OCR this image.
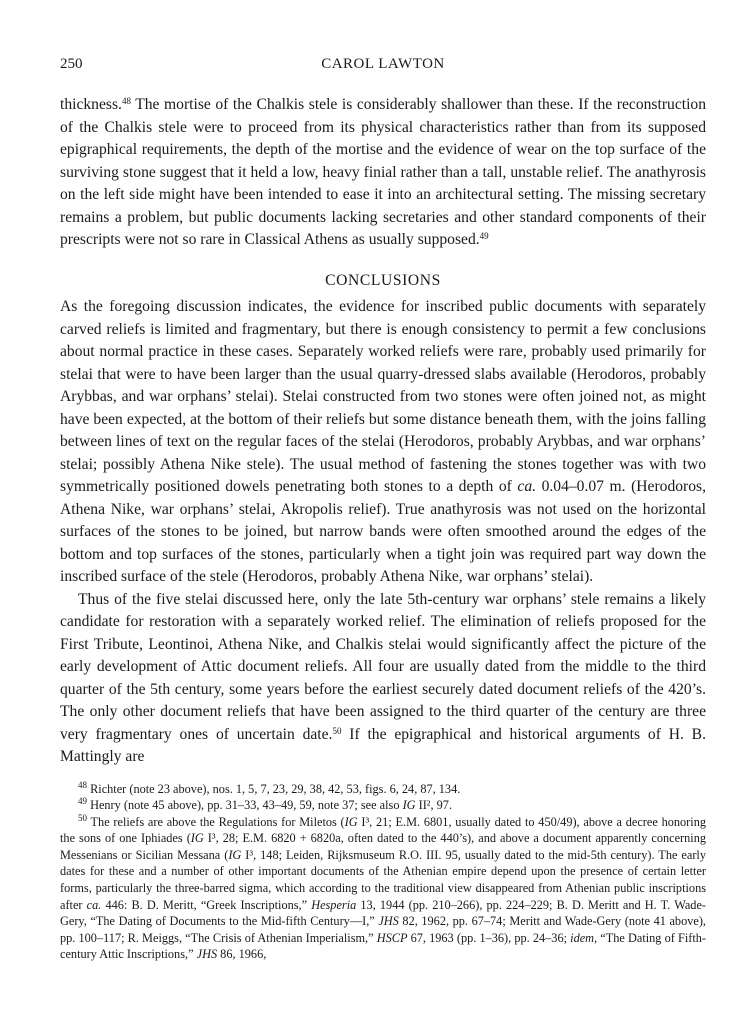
250	CAROL LAWTON

thickness.$^{48}$ The mortise of the Chalkis stele is considerably shallower than these. If the reconstruction of the Chalkis stele were to proceed from its physical characteristics rather than from its supposed epigraphical requirements, the depth of the mortise and the evidence of wear on the top surface of the surviving stone suggest that it held a low, heavy finial rather than a tall, unstable relief. The anathyrosis on the left side might have been intended to ease it into an architectural setting. The missing secretary remains a problem, but public documents lacking secretaries and other standard components of their prescripts were not so rare in Classical Athens as usually supposed.$^{49}$

CONCLUSIONS

As the foregoing discussion indicates, the evidence for inscribed public documents with separately carved reliefs is limited and fragmentary, but there is enough consistency to permit a few conclusions about normal practice in these cases. Separately worked reliefs were rare, probably used primarily for stelai that were to have been larger than the usual quarry-dressed slabs available (Herodoros, probably Arybbas, and war orphans’ stelai). Stelai constructed from two stones were often joined not, as might have been expected, at the bottom of their reliefs but some distance beneath them, with the joins falling between lines of text on the regular faces of the stelai (Herodoros, probably Arybbas, and war orphans’ stelai; possibly Athena Nike stele). The usual method of fastening the stones together was with two symmetrically positioned dowels penetrating both stones to a depth of ca. 0.04–0.07 m. (Herodoros, Athena Nike, war orphans’ stelai, Akropolis relief). True anathyrosis was not used on the horizontal surfaces of the stones to be joined, but narrow bands were often smoothed around the edges of the bottom and top surfaces of the stones, particularly when a tight join was required part way down the inscribed surface of the stele (Herodoros, probably Athena Nike, war orphans’ stelai).

Thus of the five stelai discussed here, only the late 5th-century war orphans’ stele remains a likely candidate for restoration with a separately worked relief. The elimination of reliefs proposed for the First Tribute, Leontinoi, Athena Nike, and Chalkis stelai would significantly affect the picture of the early development of Attic document reliefs. All four are usually dated from the middle to the third quarter of the 5th century, some years before the earliest securely dated document reliefs of the 420’s. The only other document reliefs that have been assigned to the third quarter of the century are three very fragmentary ones of uncertain date.$^{50}$ If the epigraphical and historical arguments of H. B. Mattingly are

$^{48}$ Richter (note 23 above), nos. 1, 5, 7, 23, 29, 38, 42, 53, figs. 6, 24, 87, 134.

$^{49}$ Henry (note 45 above), pp. 31–33, 43–49, 59, note 37; see also IG II², 97.

$^{50}$ The reliefs are above the Regulations for Miletos (IG I³, 21; E.M. 6801, usually dated to 450/49), above a decree honoring the sons of one Iphiades (IG I³, 28; E.M. 6820 + 6820a, often dated to the 440’s), and above a document apparently concerning Messenians or Sicilian Messana (IG I³, 148; Leiden, Rijksmuseum R.O. III. 95, usually dated to the mid-5th century). The early dates for these and a number of other important documents of the Athenian empire depend upon the presence of certain letter forms, particularly the three-barred sigma, which according to the traditional view disappeared from Athenian public inscriptions after ca. 446: B. D. Meritt, “Greek Inscriptions,” Hesperia 13, 1944 (pp. 210–266), pp. 224–229; B. D. Meritt and H. T. Wade-Gery, “The Dating of Documents to the Mid-fifth Century—I,” JHS 82, 1962, pp. 67–74; Meritt and Wade-Gery (note 41 above), pp. 100–117; R. Meiggs, “The Crisis of Athenian Imperialism,” HSCP 67, 1963 (pp. 1–36), pp. 24–36; idem, “The Dating of Fifth-century Attic Inscriptions,” JHS 86, 1966,
